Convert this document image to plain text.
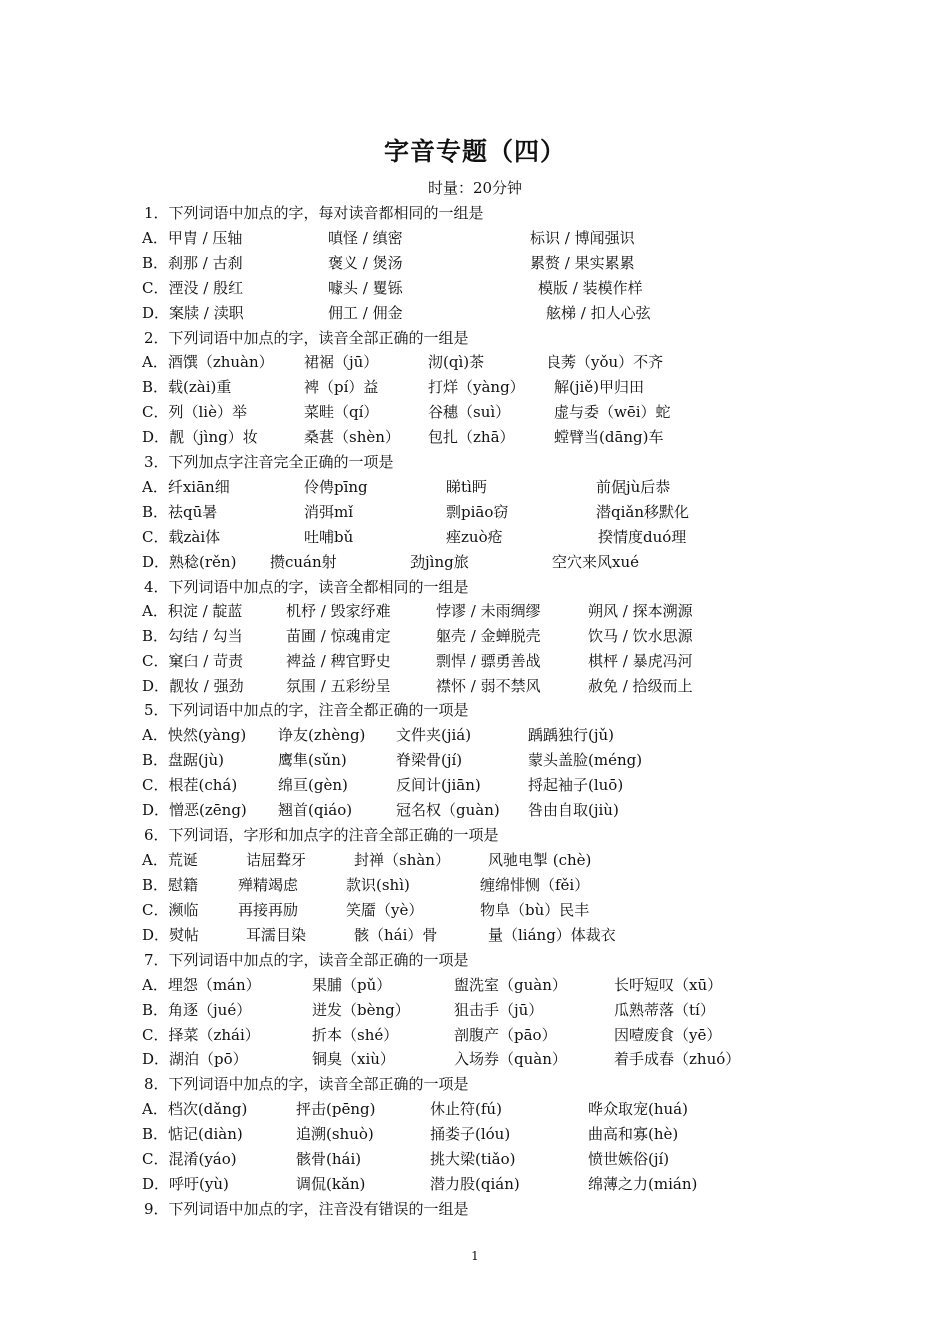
字音专题（四）
时量：20分钟
1．下列词语中加点的字，每对读音都相同的一组是
A．甲胄 / 压轴	嗔怪 / 缜密	标识 / 博闻强识
B．刹那 / 古刹	褒义 / 煲汤	累赘 / 果实累累
C．湮没 / 殷红	噱头 / 矍铄	模版 / 装模作样
D．案牍 / 渎职	佣工 / 佣金	舷梯 / 扣人心弦
2．下列词语中加点的字，读音全部正确的一组是
A．酒馔（zhuàn） 裙裾（jū）	沏(qì)茶	良莠（yǒu）不齐
B．载(zài)重	裨（pí）益	打烊（yàng） 解(jiě)甲归田
C．列（liè）举	菜畦（qí）	谷穗（suì）	虚与委（wēi）蛇
D．靓（jìng）妆	桑葚（shèn） 包扎（zhā）	螳臂当(dāng)车
3．下列加点字注音完全正确的一项是
A．纤xiān细	伶俜pīng	睇tì眄	前倨jù后恭
B．祛qū暑	消弭mǐ	剽piāo窃	潜qiǎn移默化
C．载zài体	吐哺bǔ	痤zuò疮	揆情度duó理
D．熟稔(rěn) 攒cuán射	劲jìng旅	空穴来风xué
4．下列词语中加点的字，读音全都相同的一组是
A．积淀 / 靛蓝	机杼 / 毁家纾难	悖谬 / 未雨绸缪	朔风 / 探本溯源
B．勾结 / 勾当	苗圃 / 惊魂甫定	躯壳 / 金蝉脱壳	饮马 / 饮水思源
C．窠臼 / 苛责	裨益 / 稗官野史	剽悍 / 骠勇善战	棋枰 / 暴虎冯河
D．靓妆 / 强劲	氛围 / 五彩纷呈	襟怀 / 弱不禁风	赦免 / 拾级而上
5．下列词语中加点的字，注音全都正确的一项是
A．怏然(yàng) 诤友(zhèng) 文件夹(jiá)	踽踽独行(jǔ)
B．盘踞(jù)	鹰隼(sǔn)	脊梁骨(jí)	蒙头盖脸(méng)
C．根茬(chá)	绵亘(gèn)	反间计(jiān)	捋起袖子(luō)
D．憎恶(zēng) 翘首(qiáo)	冠名权（guàn) 咎由自取(jiù)
6．下列词语，字形和加点字的注音全部正确的一项是
A．荒诞	诘屈聱牙	封禅（shàn）	风驰电掣 (chè)
B．慰籍	殚精竭虑	款识(shì)	缠绵悱恻（fěi）
C．濒临	再接再励	笑靥（yè）	物阜（bù）民丰
D．熨帖	耳濡目染	骸（hái）骨	量（liáng）体裁衣
7．下列词语中加点的字，读音全部正确的一项是
A．埋怨（mán）	果脯（pǔ）	盥洗室（guàn）	长吁短叹（xū）
B．角逐（jué）	迸发（bèng）	狙击手（jū）	瓜熟蒂落（tí）
C．择菜（zhái）	折本（shé）	剖腹产（pāo）	因噎废食（yē）
D．湖泊（pō）	铜臭（xiù）	入场券（quàn）	着手成春（zhuó）
8．下列词语中加点的字，读音全部正确的一项是
A．档次(dǎng)	抨击(pēng)	休止符(fú)	哗众取宠(huá)
B．惦记(diàn)	追溯(shuò)	捅娄子(lóu)	曲高和寡(hè)
C．混淆(yáo)	骸骨(hái)	挑大梁(tiǎo)	愤世嫉俗(jí)
D．呼吁(yù)	调侃(kǎn)	潜力股(qián)	绵薄之力(mián)
9．下列词语中加点的字，注音没有错误的一组是
1
